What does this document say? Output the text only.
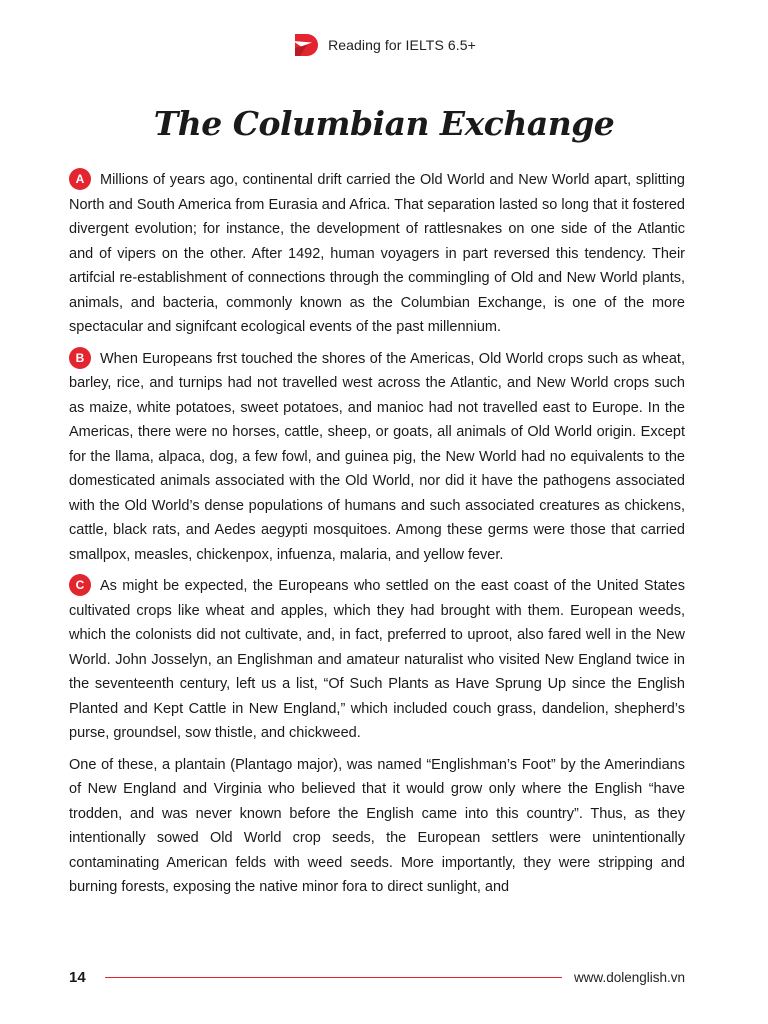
Reading for IELTS 6.5+
The Columbian Exchange

A Millions of years ago, continental drift carried the Old World and New World apart, splitting North and South America from Eurasia and Africa. That separation lasted so long that it fostered divergent evolution; for instance, the development of rattlesnakes on one side of the Atlantic and of vipers on the other. After 1492, human voyagers in part reversed this tendency. Their artifcial re-establishment of connections through the commingling of Old and New World plants, animals, and bacteria, commonly known as the Columbian Exchange, is one of the more spectacular and signifcant ecological events of the past millennium.

B When Europeans frst touched the shores of the Americas, Old World crops such as wheat, barley, rice, and turnips had not travelled west across the Atlantic, and New World crops such as maize, white potatoes, sweet potatoes, and manioc had not travelled east to Europe. In the Americas, there were no horses, cattle, sheep, or goats, all animals of Old World origin. Except for the llama, alpaca, dog, a few fowl, and guinea pig, the New World had no equivalents to the domesticated animals associated with the Old World, nor did it have the pathogens associated with the Old World’s dense populations of humans and such associated creatures as chickens, cattle, black rats, and Aedes aegypti mosquitoes. Among these germs were those that carried smallpox, measles, chickenpox, infuenza, malaria, and yellow fever.

C As might be expected, the Europeans who settled on the east coast of the United States cultivated crops like wheat and apples, which they had brought with them. European weeds, which the colonists did not cultivate, and, in fact, preferred to uproot, also fared well in the New World. John Josselyn, an Englishman and amateur naturalist who visited New England twice in the seventeenth century, left us a list, “Of Such Plants as Have Sprung Up since the English Planted and Kept Cattle in New England,” which included couch grass, dandelion, shepherd’s purse, groundsel, sow thistle, and chickweed.

One of these, a plantain (Plantago major), was named “Englishman’s Foot” by the Amerindians of New England and Virginia who believed that it would grow only where the English “have trodden, and was never known before the English came into this country”. Thus, as they intentionally sowed Old World crop seeds, the European settlers were unintentionally contaminating American felds with weed seeds. More importantly, they were stripping and burning forests, exposing the native minor fora to direct sunlight, and

14	www.dolenglish.vn
